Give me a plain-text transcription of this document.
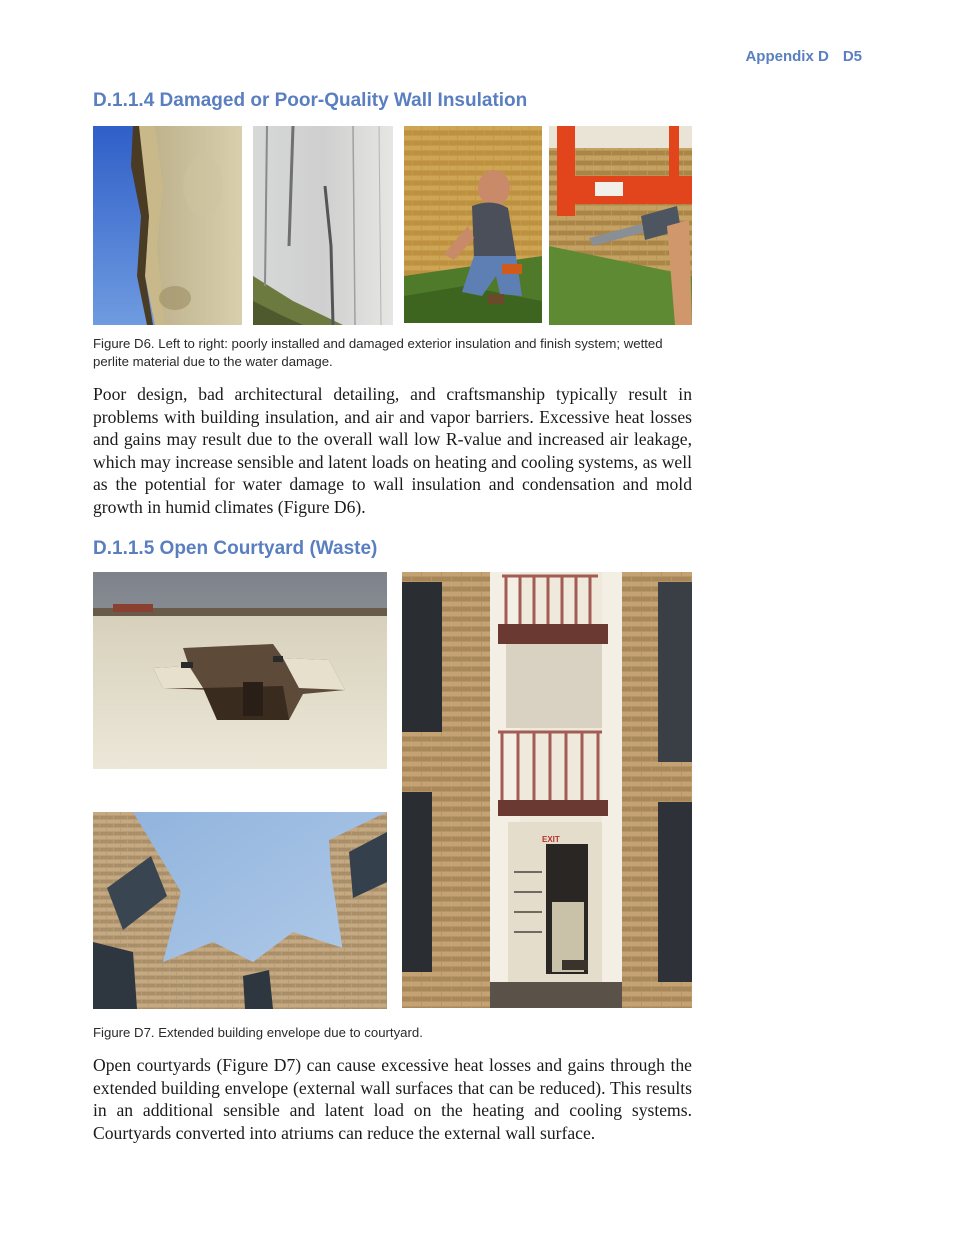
Appendix D D5
D.1.1.4 Damaged or Poor-Quality Wall Insulation

Figure D6. Left to right: poorly installed and damaged exterior insulation and finish system; wetted perlite material due to the water damage.

Poor design, bad architectural detailing, and craftsmanship typically result in problems with building insulation, and air and vapor barriers. Excessive heat losses and gains may result due to the overall wall low R-value and increased air leakage, which may increase sensible and latent loads on heating and cooling systems, as well as the potential for water damage to wall insulation and condensation and mold growth in humid climates (Figure D6).

D.1.1.5 Open Courtyard (Waste)
EXIT

Figure D7. Extended building envelope due to courtyard.

Open courtyards (Figure D7) can cause excessive heat losses and gains through the extended building envelope (external wall surfaces that can be reduced). This results in an additional sensible and latent load on the heating and cooling systems. Courtyards converted into atriums can reduce the external wall surface.
